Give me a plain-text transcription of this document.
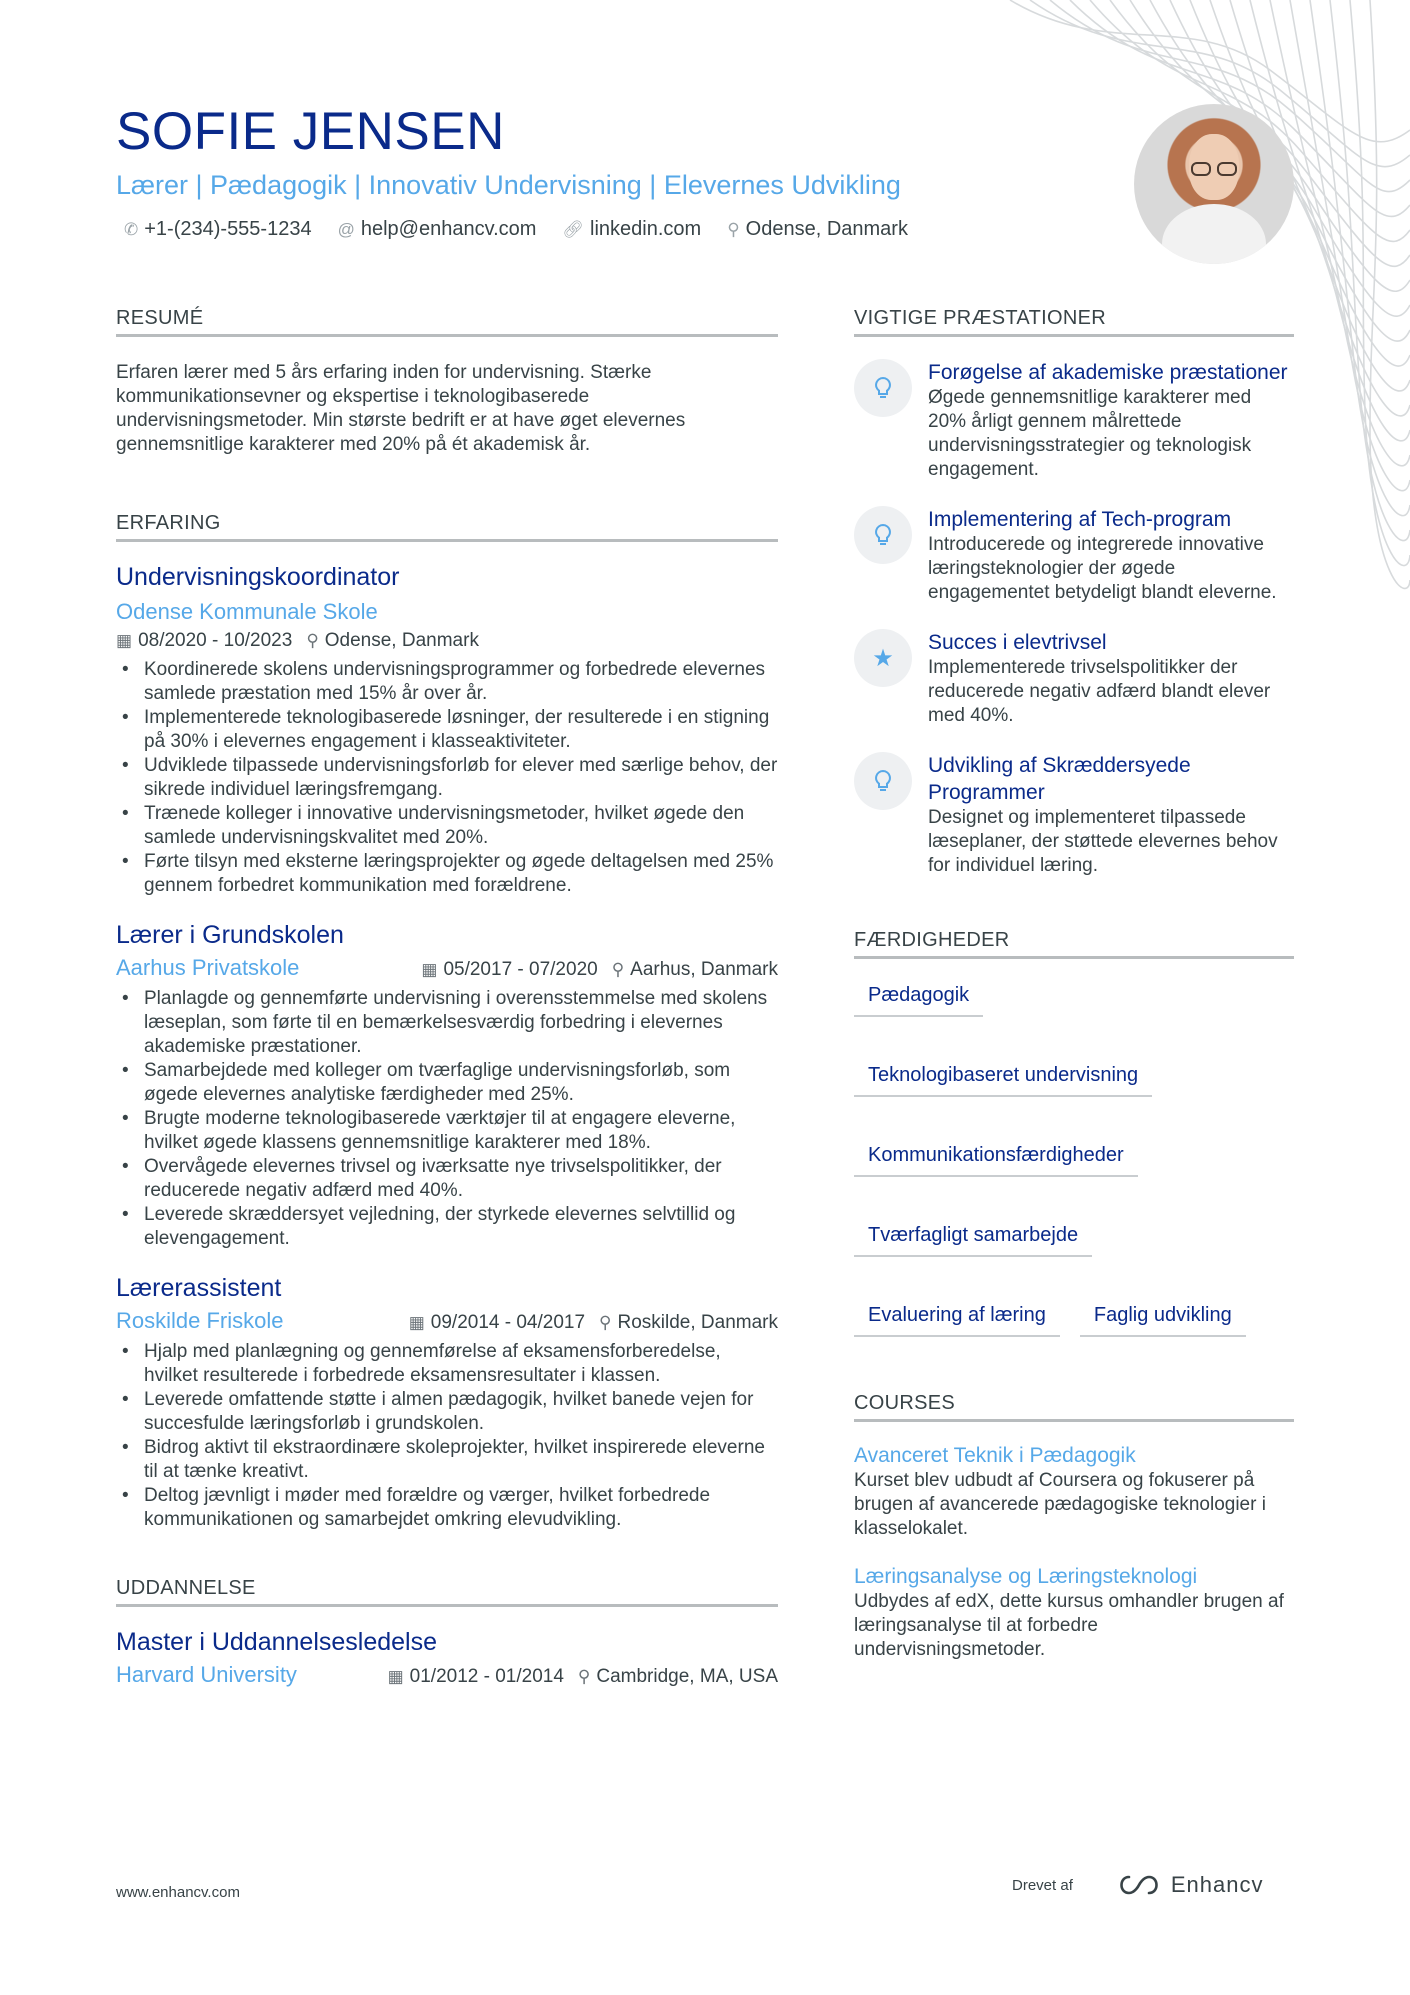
SOFIE JENSEN
Lærer | Pædagogik | Innovativ Undervisning | Elevernes Udvikling
✆ +1-(234)-555-1234 @ help@enhancv.com 🔗︎ linkedin.com ⚲ Odense, Danmark
RESUMÉ
Erfaren lærer med 5 års erfaring inden for undervisning. Stærke kommunikationsevner og ekspertise i teknologibaserede undervisningsmetoder. Min største bedrift er at have øget elevernes gennemsnitlige karakterer med 20% på ét akademisk år.
ERFARING
Undervisningskoordinator
Odense Kommunale Skole
▦ 08/2020 - 10/2023 ⚲ Odense, Danmark
• Koordinerede skolens undervisningsprogrammer og forbedrede elevernes samlede præstation med 15% år over år.
• Implementerede teknologibaserede løsninger, der resulterede i en stigning på 30% i elevernes engagement i klasseaktiviteter.
• Udviklede tilpassede undervisningsforløb for elever med særlige behov, der sikrede individuel læringsfremgang.
• Trænede kolleger i innovative undervisningsmetoder, hvilket øgede den samlede undervisningskvalitet med 20%.
• Førte tilsyn med eksterne læringsprojekter og øgede deltagelsen med 25% gennem forbedret kommunikation med forældrene.
Lærer i Grundskolen
Aarhus Privatskole	▦ 05/2017 - 07/2020 ⚲ Aarhus, Danmark
• Planlagde og gennemførte undervisning i overensstemmelse med skolens læseplan, som førte til en bemærkelsesværdig forbedring i elevernes akademiske præstationer.
• Samarbejdede med kolleger om tværfaglige undervisningsforløb, som øgede elevernes analytiske færdigheder med 25%.
• Brugte moderne teknologibaserede værktøjer til at engagere eleverne, hvilket øgede klassens gennemsnitlige karakterer med 18%.
• Overvågede elevernes trivsel og iværksatte nye trivselspolitikker, der reducerede negativ adfærd med 40%.
• Leverede skræddersyet vejledning, der styrkede elevernes selvtillid og elevengagement.
Lærerassistent
Roskilde Friskole	▦ 09/2014 - 04/2017 ⚲ Roskilde, Danmark
• Hjalp med planlægning og gennemførelse af eksamensforberedelse, hvilket resulterede i forbedrede eksamensresultater i klassen.
• Leverede omfattende støtte i almen pædagogik, hvilket banede vejen for succesfulde læringsforløb i grundskolen.
• Bidrog aktivt til ekstraordinære skoleprojekter, hvilket inspirerede eleverne til at tænke kreativt.
• Deltog jævnligt i møder med forældre og værger, hvilket forbedrede kommunikationen og samarbejdet omkring elevudvikling.
UDDANNELSE
Master i Uddannelsesledelse
Harvard University	▦ 01/2012 - 01/2014 ⚲ Cambridge, MA, USA
VIGTIGE PRÆSTATIONER
Forøgelse af akademiske præstationer
Øgede gennemsnitlige karakterer med 20% årligt gennem målrettede undervisningsstrategier og teknologisk engagement.
Implementering af Tech-program
Introducerede og integrerede innovative læringsteknologier der øgede engagementet betydeligt blandt eleverne.
★
Succes i elevtrivsel
Implementerede trivselspolitikker der reducerede negativ adfærd blandt elever med 40%.
Udvikling af Skræddersyede Programmer
Designet og implementeret tilpassede læseplaner, der støttede elevernes behov for individuel læring.
FÆRDIGHEDER
Pædagogik
Teknologibaseret undervisning
Kommunikationsfærdigheder
Tværfagligt samarbejde
Evaluering af læring	Faglig udvikling
COURSES
Avanceret Teknik i Pædagogik
Kurset blev udbudt af Coursera og fokuserer på brugen af avancerede pædagogiske teknologier i klasselokalet.
Læringsanalyse og Læringsteknologi
Udbydes af edX, dette kursus omhandler brugen af læringsanalyse til at forbedre undervisningsmetoder.
www.enhancv.com	Drevet af	Enhancv
